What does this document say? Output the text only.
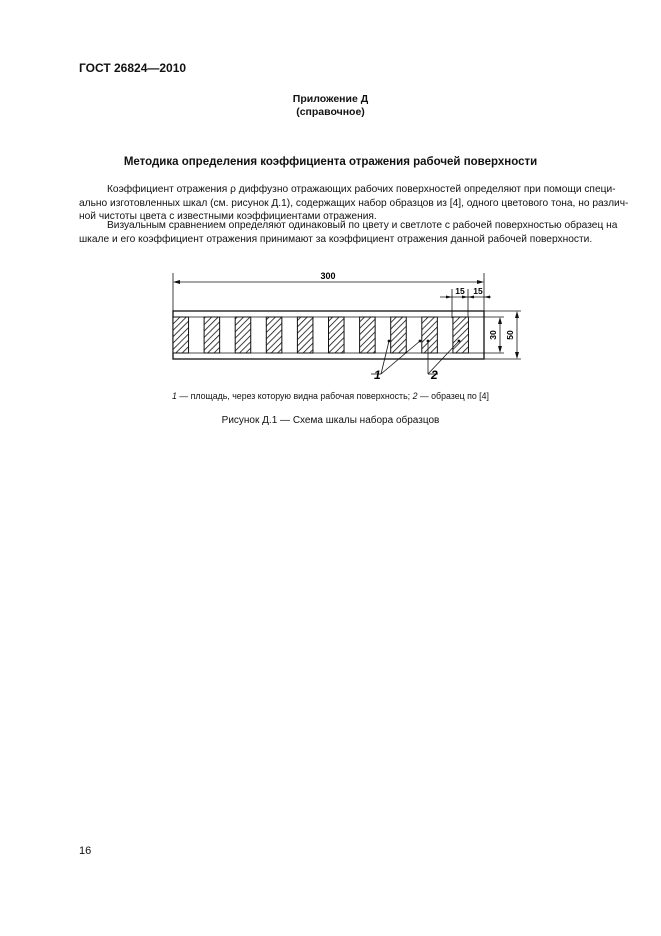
ГОСТ 26824—2010
Приложение Д
(справочное)
Методика определения коэффициента отражения рабочей поверхности
Коэффициент отражения ρ диффузно отражающих рабочих поверхностей определяют при помощи специ-
ально изготовленных шкал (см. рисунок Д.1), содержащих набор образцов из [4], одного цветового тона, но различ-
ной чистоты цвета с известными коэффициентами отражения.
Визуальным сравнением определяют одинаковый по цвету и светлоте с рабочей поверхностью образец на
шкале и его коэффициент отражения принимают за коэффициент отражения данной рабочей поверхности.
300
15 15
30 50
1	2
1 — площадь, через которую видна рабочая поверхность; 2 — образец по [4]
Рисунок Д.1 — Схема шкалы набора образцов
16
